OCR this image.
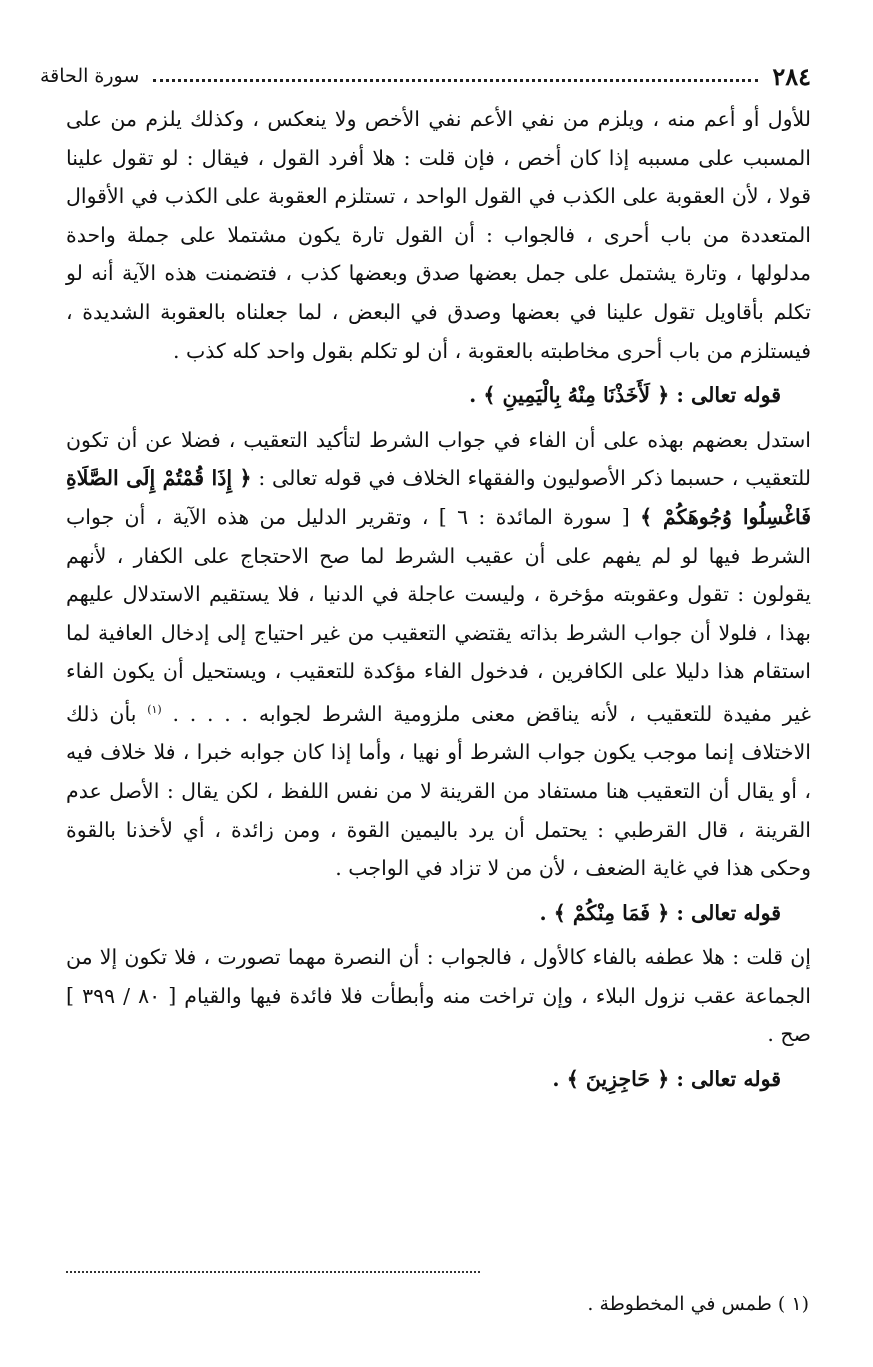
٢٨٤
سورة الحاقة

للأول أو أعم منه ، ويلزم من نفي الأعم نفي الأخص ولا ينعكس ، وكذلك يلزم من على المسبب على مسببه إذا كان أخص ، فإن قلت : هلا أفرد القول ، فيقال : لو تقول علينا قولا ، لأن العقوبة على الكذب في القول الواحد ، تستلزم العقوبة على الكذب في الأقوال المتعددة من باب أحرى ، فالجواب : أن القول تارة يكون مشتملا على جملة واحدة مدلولها ، وتارة يشتمل على جمل بعضها صدق وبعضها كذب ، فتضمنت هذه الآية أنه لو تكلم بأقاويل تقول علينا في بعضها وصدق في البعض ، لما جعلناه بالعقوبة الشديدة ، فيستلزم من باب أحرى مخاطبته بالعقوبة ، أن لو تكلم بقول واحد كله كذب .

قوله تعالى : ﴿ لَأَخَذْنَا مِنْهُ بِالْيَمِينِ ﴾ .

استدل بعضهم بهذه على أن الفاء في جواب الشرط لتأكيد التعقيب ، فضلا عن أن تكون للتعقيب ، حسبما ذكر الأصوليون والفقهاء الخلاف في قوله تعالى : ﴿ إِذَا قُمْتُمْ إِلَى الصَّلَاةِ فَاغْسِلُوا وُجُوهَكُمْ ﴾ [ سورة المائدة : ٦ ] ، وتقرير الدليل من هذه الآية ، أن جواب الشرط فيها لو لم يفهم على أن عقيب الشرط لما صح الاحتجاج على الكفار ، لأنهم يقولون : تقول وعقوبته مؤخرة ، وليست عاجلة في الدنيا ، فلا يستقيم الاستدلال عليهم بهذا ، فلولا أن جواب الشرط بذاته يقتضي التعقيب من غير احتياج إلى إدخال العافية لما استقام هذا دليلا على الكافرين ، فدخول الفاء مؤكدة للتعقيب ، ويستحيل أن يكون الفاء غير مفيدة للتعقيب ، لأنه يناقض معنى ملزومية الشرط لجوابه . . . . . $^{(١)}$ بأن ذلك الاختلاف إنما موجب يكون جواب الشرط أو نهيا ، وأما إذا كان جوابه خبرا ، فلا خلاف فيه ، أو يقال أن التعقيب هنا مستفاد من القرينة لا من نفس اللفظ ، لكن يقال : الأصل عدم القرينة ، قال القرطبي : يحتمل أن يرد باليمين القوة ، ومن زائدة ، أي لأخذنا بالقوة وحكى هذا في غاية الضعف ، لأن من لا تزاد في الواجب .

قوله تعالى : ﴿ فَمَا مِنْكُمْ ﴾ .

إن قلت : هلا عطفه بالفاء كالأول ، فالجواب : أن النصرة مهما تصورت ، فلا تكون إلا من الجماعة عقب نزول البلاء ، وإن تراخت منه وأبطأت فلا فائدة فيها والقيام [ ٨٠ / ٣٩٩ ] صح .

قوله تعالى : ﴿ حَاجِزِينَ ﴾ .

(١ ) طمس في المخطوطة .
